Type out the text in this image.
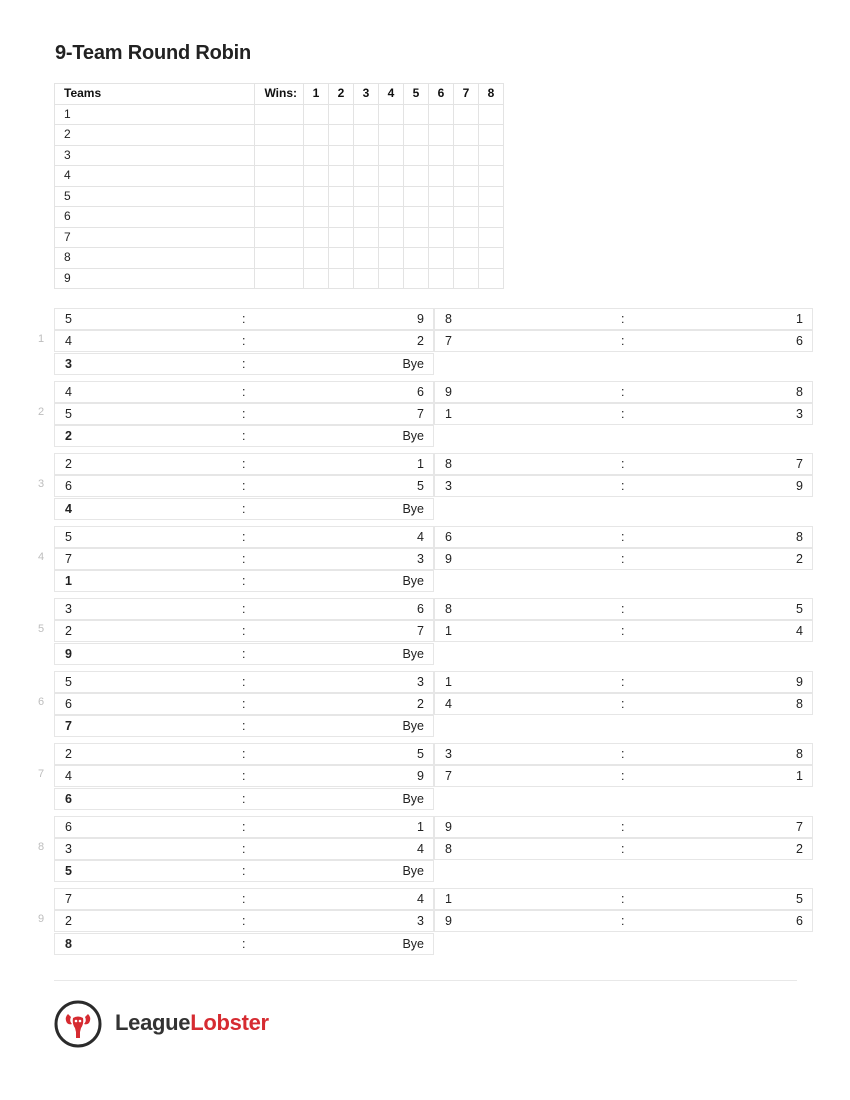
9-Team Round Robin
Teams	Wins:	1	2	3	4	5	6	7	8
1									
2									
3									
4									
5									
6									
7									
8									
9									
1
5	:	9
4	:	2
3	:	Bye
8	:	1
7	:	6
2
4	:	6
5	:	7
2	:	Bye
9	:	8
1	:	3
3
2	:	1
6	:	5
4	:	Bye
8	:	7
3	:	9
4
5	:	4
7	:	3
1	:	Bye
6	:	8
9	:	2
5
3	:	6
2	:	7
9	:	Bye
8	:	5
1	:	4
6
5	:	3
6	:	2
7	:	Bye
1	:	9
4	:	8
7
2	:	5
4	:	9
6	:	Bye
3	:	8
7	:	1
8
6	:	1
3	:	4
5	:	Bye
9	:	7
8	:	2
9
7	:	4
2	:	3
8	:	Bye
1	:	5
9	:	6
LeagueLobster
